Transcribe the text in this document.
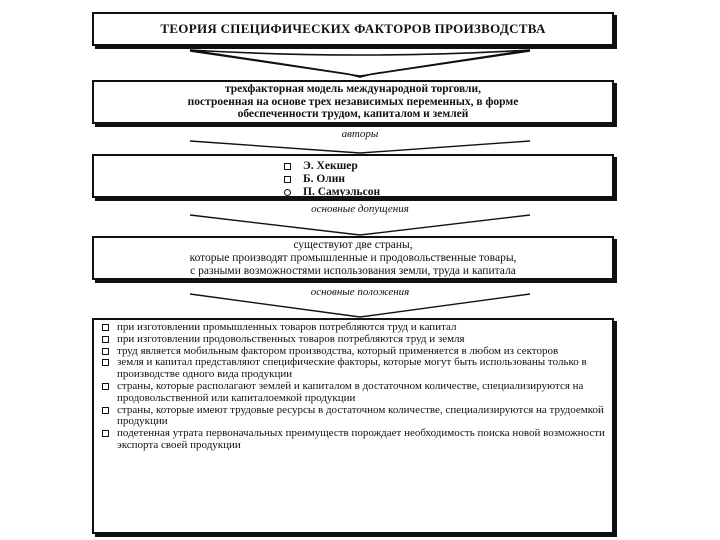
ТЕОРИЯ СПЕЦИФИЧЕСКИХ ФАКТОРОВ ПРОИЗВОДСТВА
трехфакторная модель международной торговли,
построенная на основе трех независимых переменных, в форме
обеспеченности трудом, капиталом и землей
авторы
Э. Хекшер
Б. Олин
П. Самуэльсон
основные допущения
существуют две страны,
которые производят промышленные и продовольственные товары,
с разными возможностями использования земли, труда и капитала
основные положения
при изготовлении промышленных товаров потребляются труд и капитал
при изготовлении продовольственных товаров потребляются труд и земля
труд является мобильным фактором производства, который применяется в любом из секторов
земля и капитал представляют специфические факторы, которые могут быть использованы только в производстве одного вида продукции
страны, которые располагают землей и капиталом в достаточном количестве, специализируются на продовольственной или капиталоемкой продукции
страны, которые имеют трудовые ресурсы в достаточном количестве, специализируются на трудоемкой продукции
подетенная утрата первоначальных преимуществ порождает необходимость поиска новой возможности экспорта своей продукции
